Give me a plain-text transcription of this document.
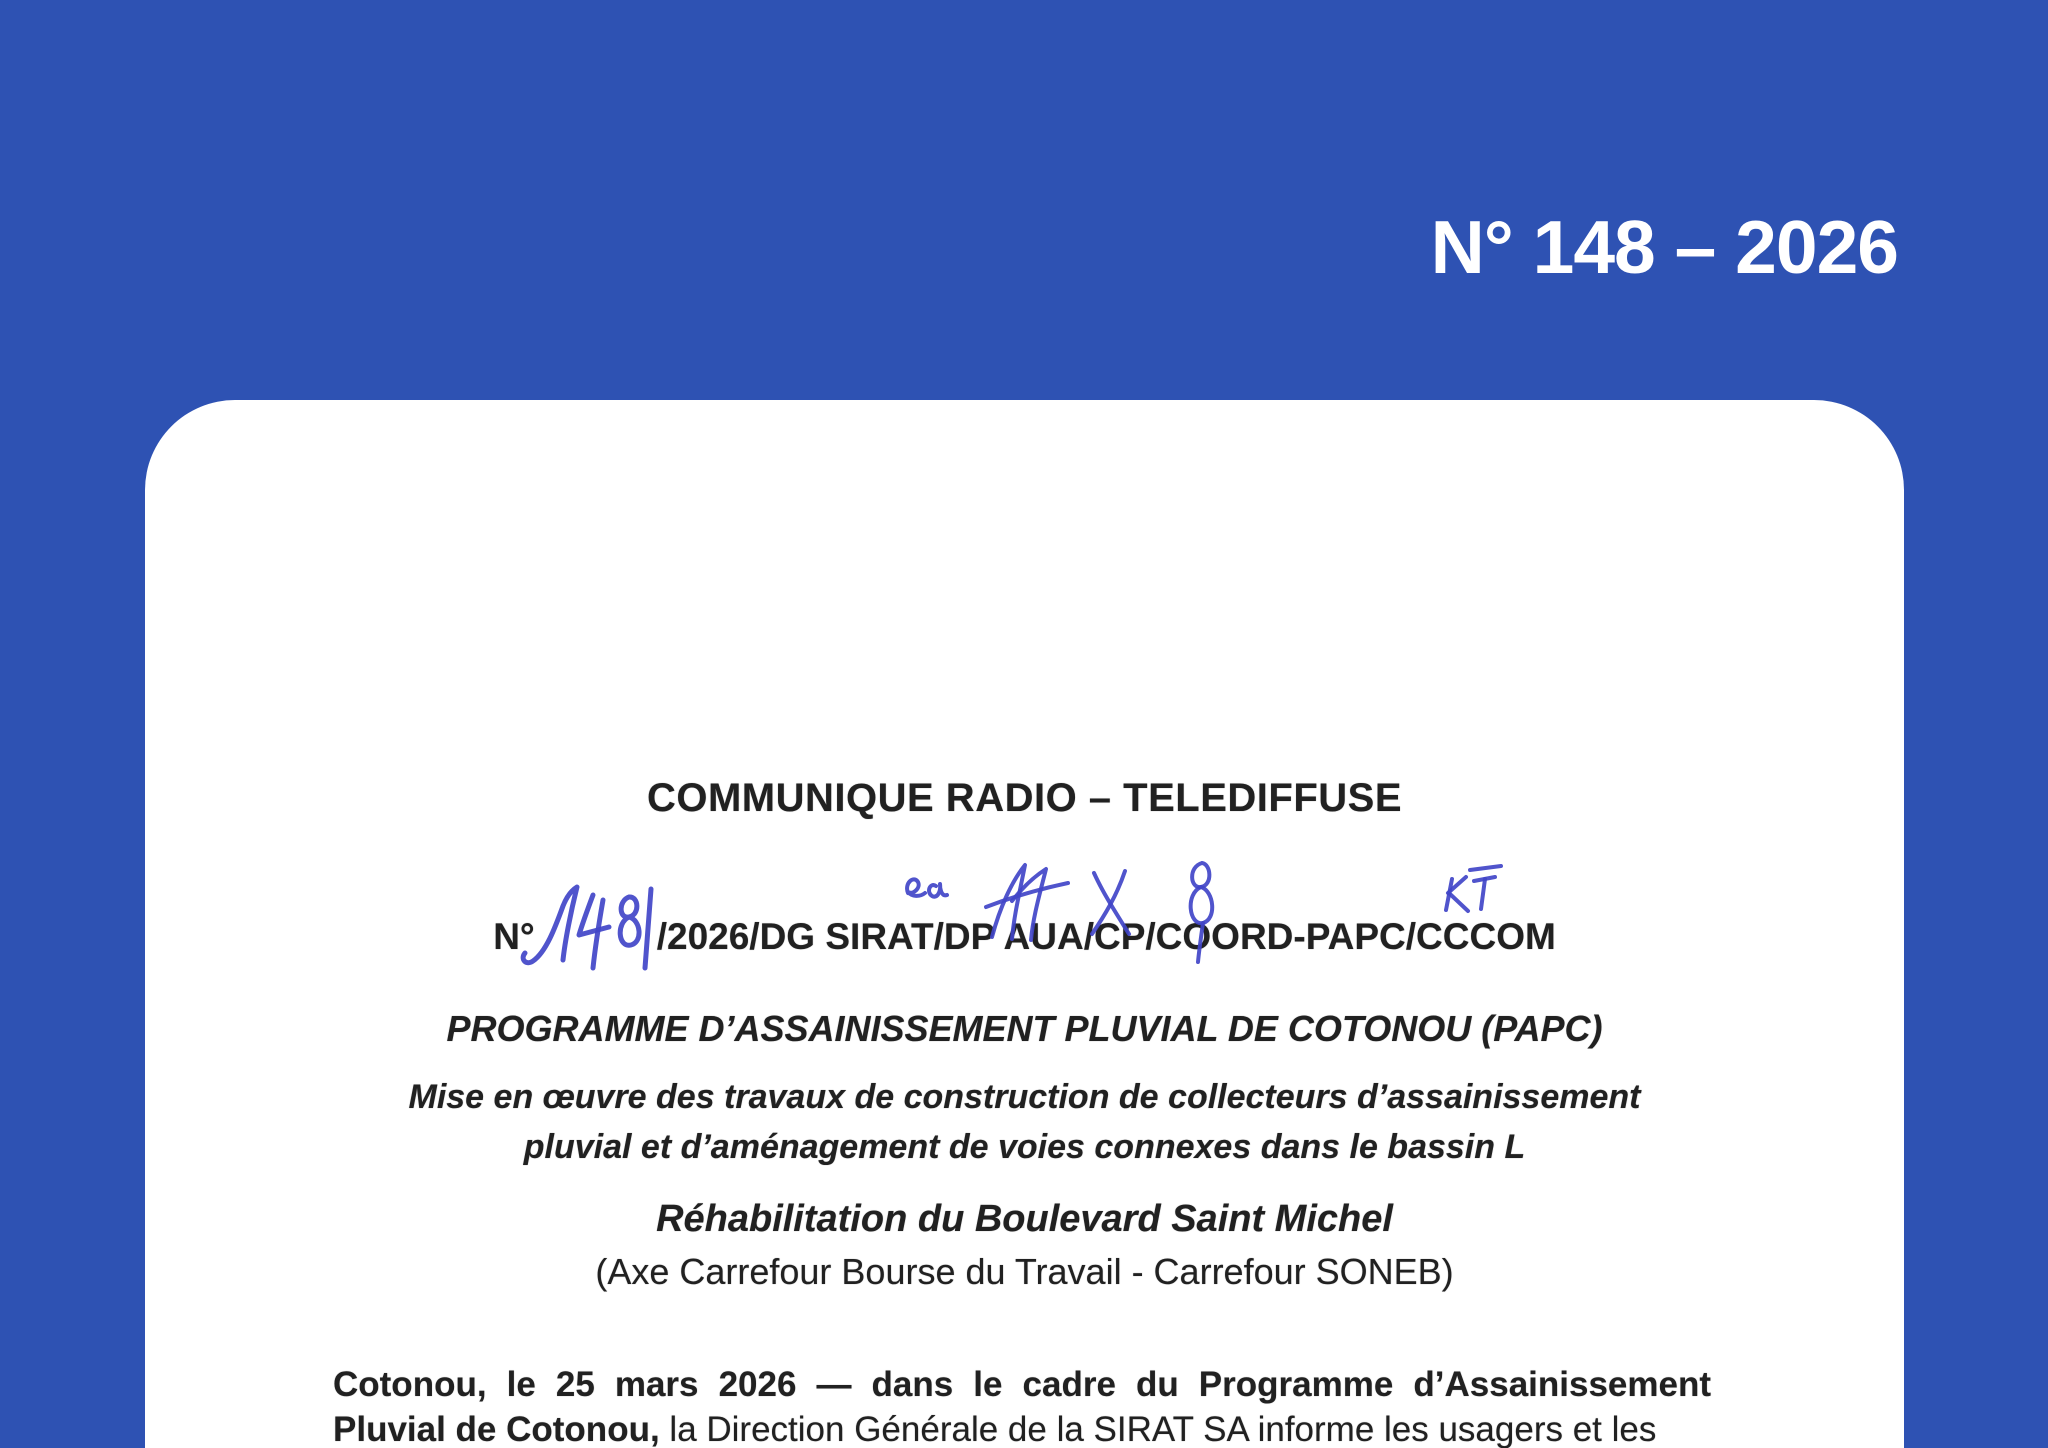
N° 148 – 2026
COMMUNIQUE RADIO – TELEDIFFUSE
N°	/2026/DG SIRAT/DP AUA/CP/COORD-PAPC/CCCOM
PROGRAMME D’ASSAINISSEMENT PLUVIAL DE COTONOU (PAPC)
Mise en œuvre des travaux de construction de collecteurs d’assainissement
pluvial et d’aménagement de voies connexes dans le bassin L
Réhabilitation du Boulevard Saint Michel
(Axe Carrefour Bourse du Travail - Carrefour SONEB)
Cotonou, le 25 mars 2026 — dans le cadre du Programme d’Assainissement
Pluvial de Cotonou, la Direction Générale de la SIRAT SA informe les usagers et les
